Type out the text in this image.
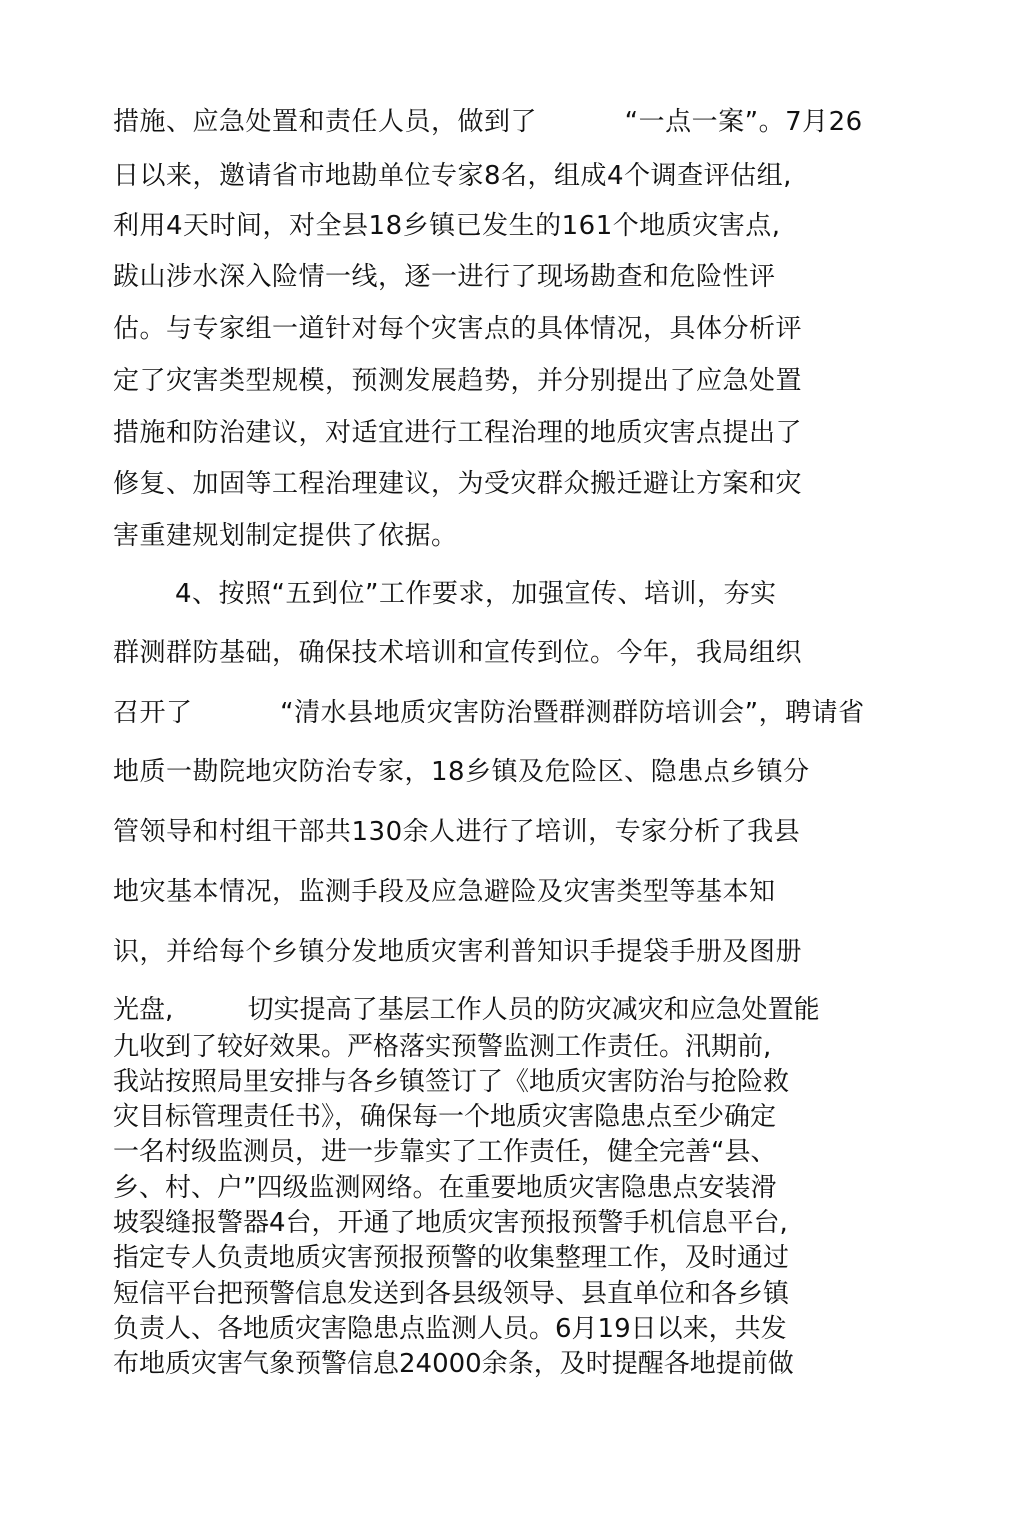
措施、应急处置和责任人员，做到了          “一点一案”。7月26
日以来，邀请省市地勘单位专家8名，组成4个调查评估组,
利用4天时间，对全县18乡镇已发生的161个地质灾害点,
跋山涉水深入险情一线，逐一进行了现场勘查和危险性评
估。与专家组一道针对每个灾害点的具体情况，具体分析评
定了灾害类型规模，预测发展趋势，并分别提出了应急处置
措施和防治建议，对适宜进行工程治理的地质灾害点提出了
修复、加固等工程治理建议，为受灾群众搬迁避让方案和灾
害重建规划制定提供了依据。
4、按照“五到位”工作要求，加强宣传、培训，夯实
群测群防基础，确保技术培训和宣传到位。今年，我局组织
召开了          “清水县地质灾害防治暨群测群防培训会”，聘请省
地质一勘院地灾防治专家，18乡镇及危险区、隐患点乡镇分
管领导和村组干部共130余人进行了培训，专家分析了我县
地灾基本情况，监测手段及应急避险及灾害类型等基本知
识，并给每个乡镇分发地质灾害利普知识手提袋手册及图册
光盘,         切实提高了基层工作人员的防灾减灾和应急处置能
九收到了较好效果。严格落实预警监测工作责任。汛期前,
我站按照局里安排与各乡镇签订了《地质灾害防治与抢险救
灾目标管理责任书》，确保每一个地质灾害隐患点至少确定
一名村级监测员，进一步靠实了工作责任，健全完善“县、
乡、村、户”四级监测网络。在重要地质灾害隐患点安装滑
坡裂缝报警器4台，开通了地质灾害预报预警手机信息平台,
指定专人负责地质灾害预报预警的收集整理工作，及时通过
短信平台把预警信息发送到各县级领导、县直单位和各乡镇
负责人、各地质灾害隐患点监测人员。6月19日以来，共发
布地质灾害气象预警信息24000余条，及时提醒各地提前做
